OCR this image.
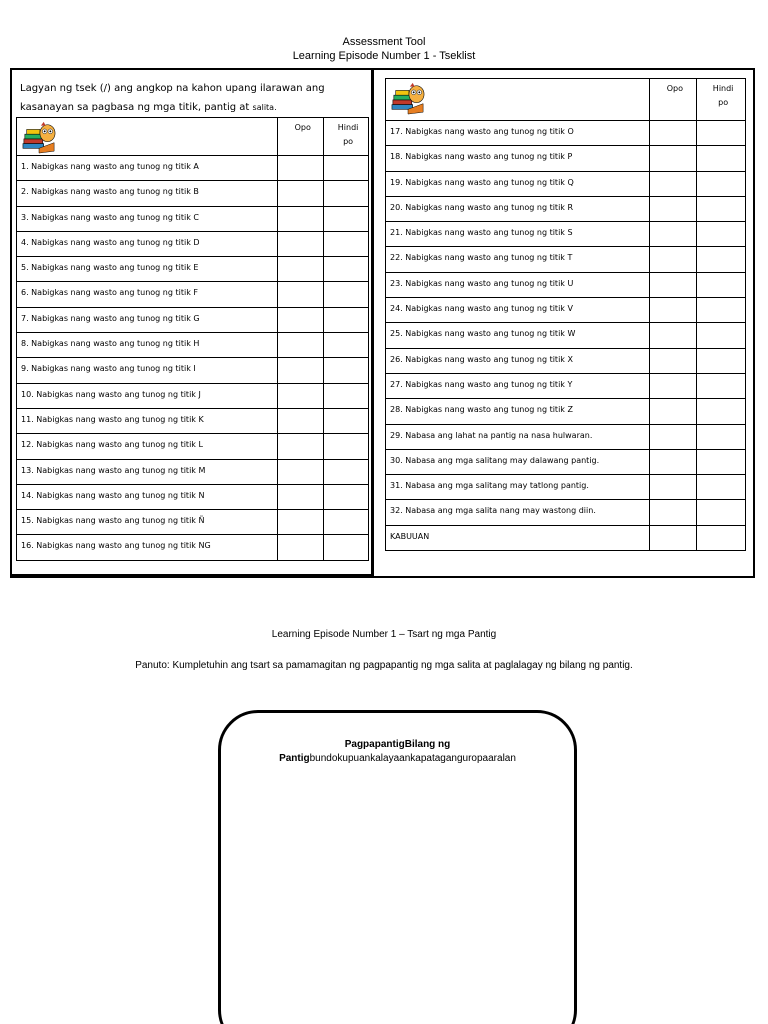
Assessment Tool
Learning Episode Number 1 - Tseklist
Lagyan ng tsek (/) ang angkop na kahon upang ilarawan ang kasanayan sa pagbasa ng mga titik, pantig at salita.
	Opo	Hindi
po

1. Nabigkas nang wasto ang tunog ng titik A		

2. Nabigkas nang wasto ang tunog ng titik B		

3. Nabigkas nang wasto ang tunog ng titik C		

4. Nabigkas nang wasto ang tunog ng titik D		

5. Nabigkas nang wasto ang tunog ng titik E		

6. Nabigkas nang wasto ang tunog ng titik F		

7. Nabigkas nang wasto ang tunog ng titik G		

8. Nabigkas nang wasto ang tunog ng titik H		

9. Nabigkas nang wasto ang tunog ng titik I		

10. Nabigkas nang wasto ang tunog ng titik J		

11. Nabigkas nang wasto ang tunog ng titik K		

12. Nabigkas nang wasto ang tunog ng titik L		

13. Nabigkas nang wasto ang tunog ng titik M		

14. Nabigkas nang wasto ang tunog ng titik N		

15. Nabigkas nang wasto ang tunog ng titik Ñ		

16. Nabigkas nang wasto ang tunog ng titik NG		

	Opo	Hindi
po

17. Nabigkas nang wasto ang tunog ng titik O		

18. Nabigkas nang wasto ang tunog ng titik P		

19. Nabigkas nang wasto ang tunog ng titik Q		

20. Nabigkas nang wasto ang tunog ng titik R		

21. Nabigkas nang wasto ang tunog ng titik S		

22. Nabigkas nang wasto ang tunog ng titik T		

23. Nabigkas nang wasto ang tunog ng titik U		

24. Nabigkas nang wasto ang tunog ng titik V		

25. Nabigkas nang wasto ang tunog ng titik W		

26. Nabigkas nang wasto ang tunog ng titik X		

27. Nabigkas nang wasto ang tunog ng titik Y		

28. Nabigkas nang wasto ang tunog ng titik Z		

29. Nabasa ang lahat na pantig na nasa hulwaran.		

30. Nabasa ang mga salitang may dalawang pantig.		

31. Nabasa ang mga salitang may tatlong pantig.		

32. Nabasa ang mga salita nang may wastong diin.		

KABUUAN		

Learning Episode Number 1 – Tsart ng mga Pantig
Panuto: Kumpletuhin ang tsart sa pamamagitan ng pagpapantig ng mga salita at paglalagay ng bilang ng pantig.
PagpapantigBilang ng
Pantigbundokupuankalayaankapataganguropaaralan
